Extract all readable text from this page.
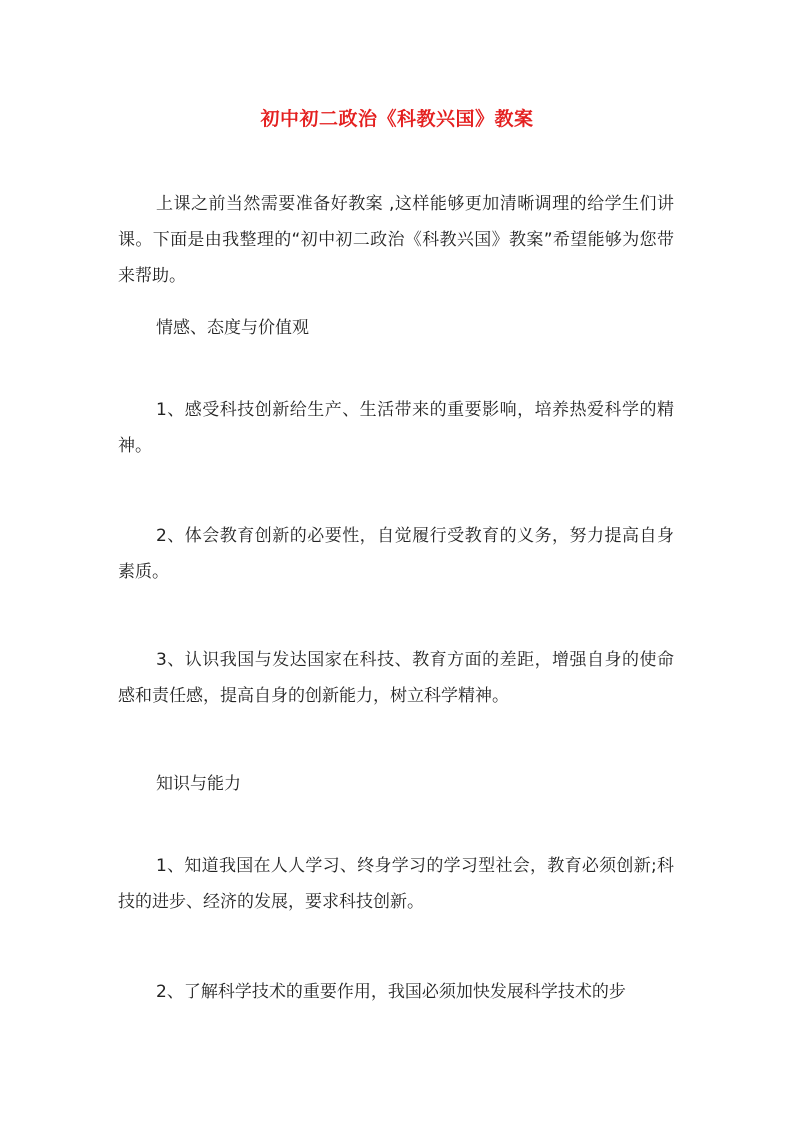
初中初二政治《科教兴国》教案

上课之前当然需要准备好教案 ,这样能够更加清晰调理的给学生们讲课。下面是由我整理的“初中初二政治《科教兴国》教案”希望能够为您带来帮助。

情感、态度与价值观

1、感受科技创新给生产、生活带来的重要影响，培养热爱科学的精神。

2、体会教育创新的必要性，自觉履行受教育的义务，努力提高自身素质。

3、认识我国与发达国家在科技、教育方面的差距，增强自身的使命感和责任感，提高自身的创新能力，树立科学精神。

知识与能力

1、知道我国在人人学习、终身学习的学习型社会，教育必须创新;科技的进步、经济的发展，要求科技创新。

2、了解科学技术的重要作用，我国必须加快发展科学技术的步
